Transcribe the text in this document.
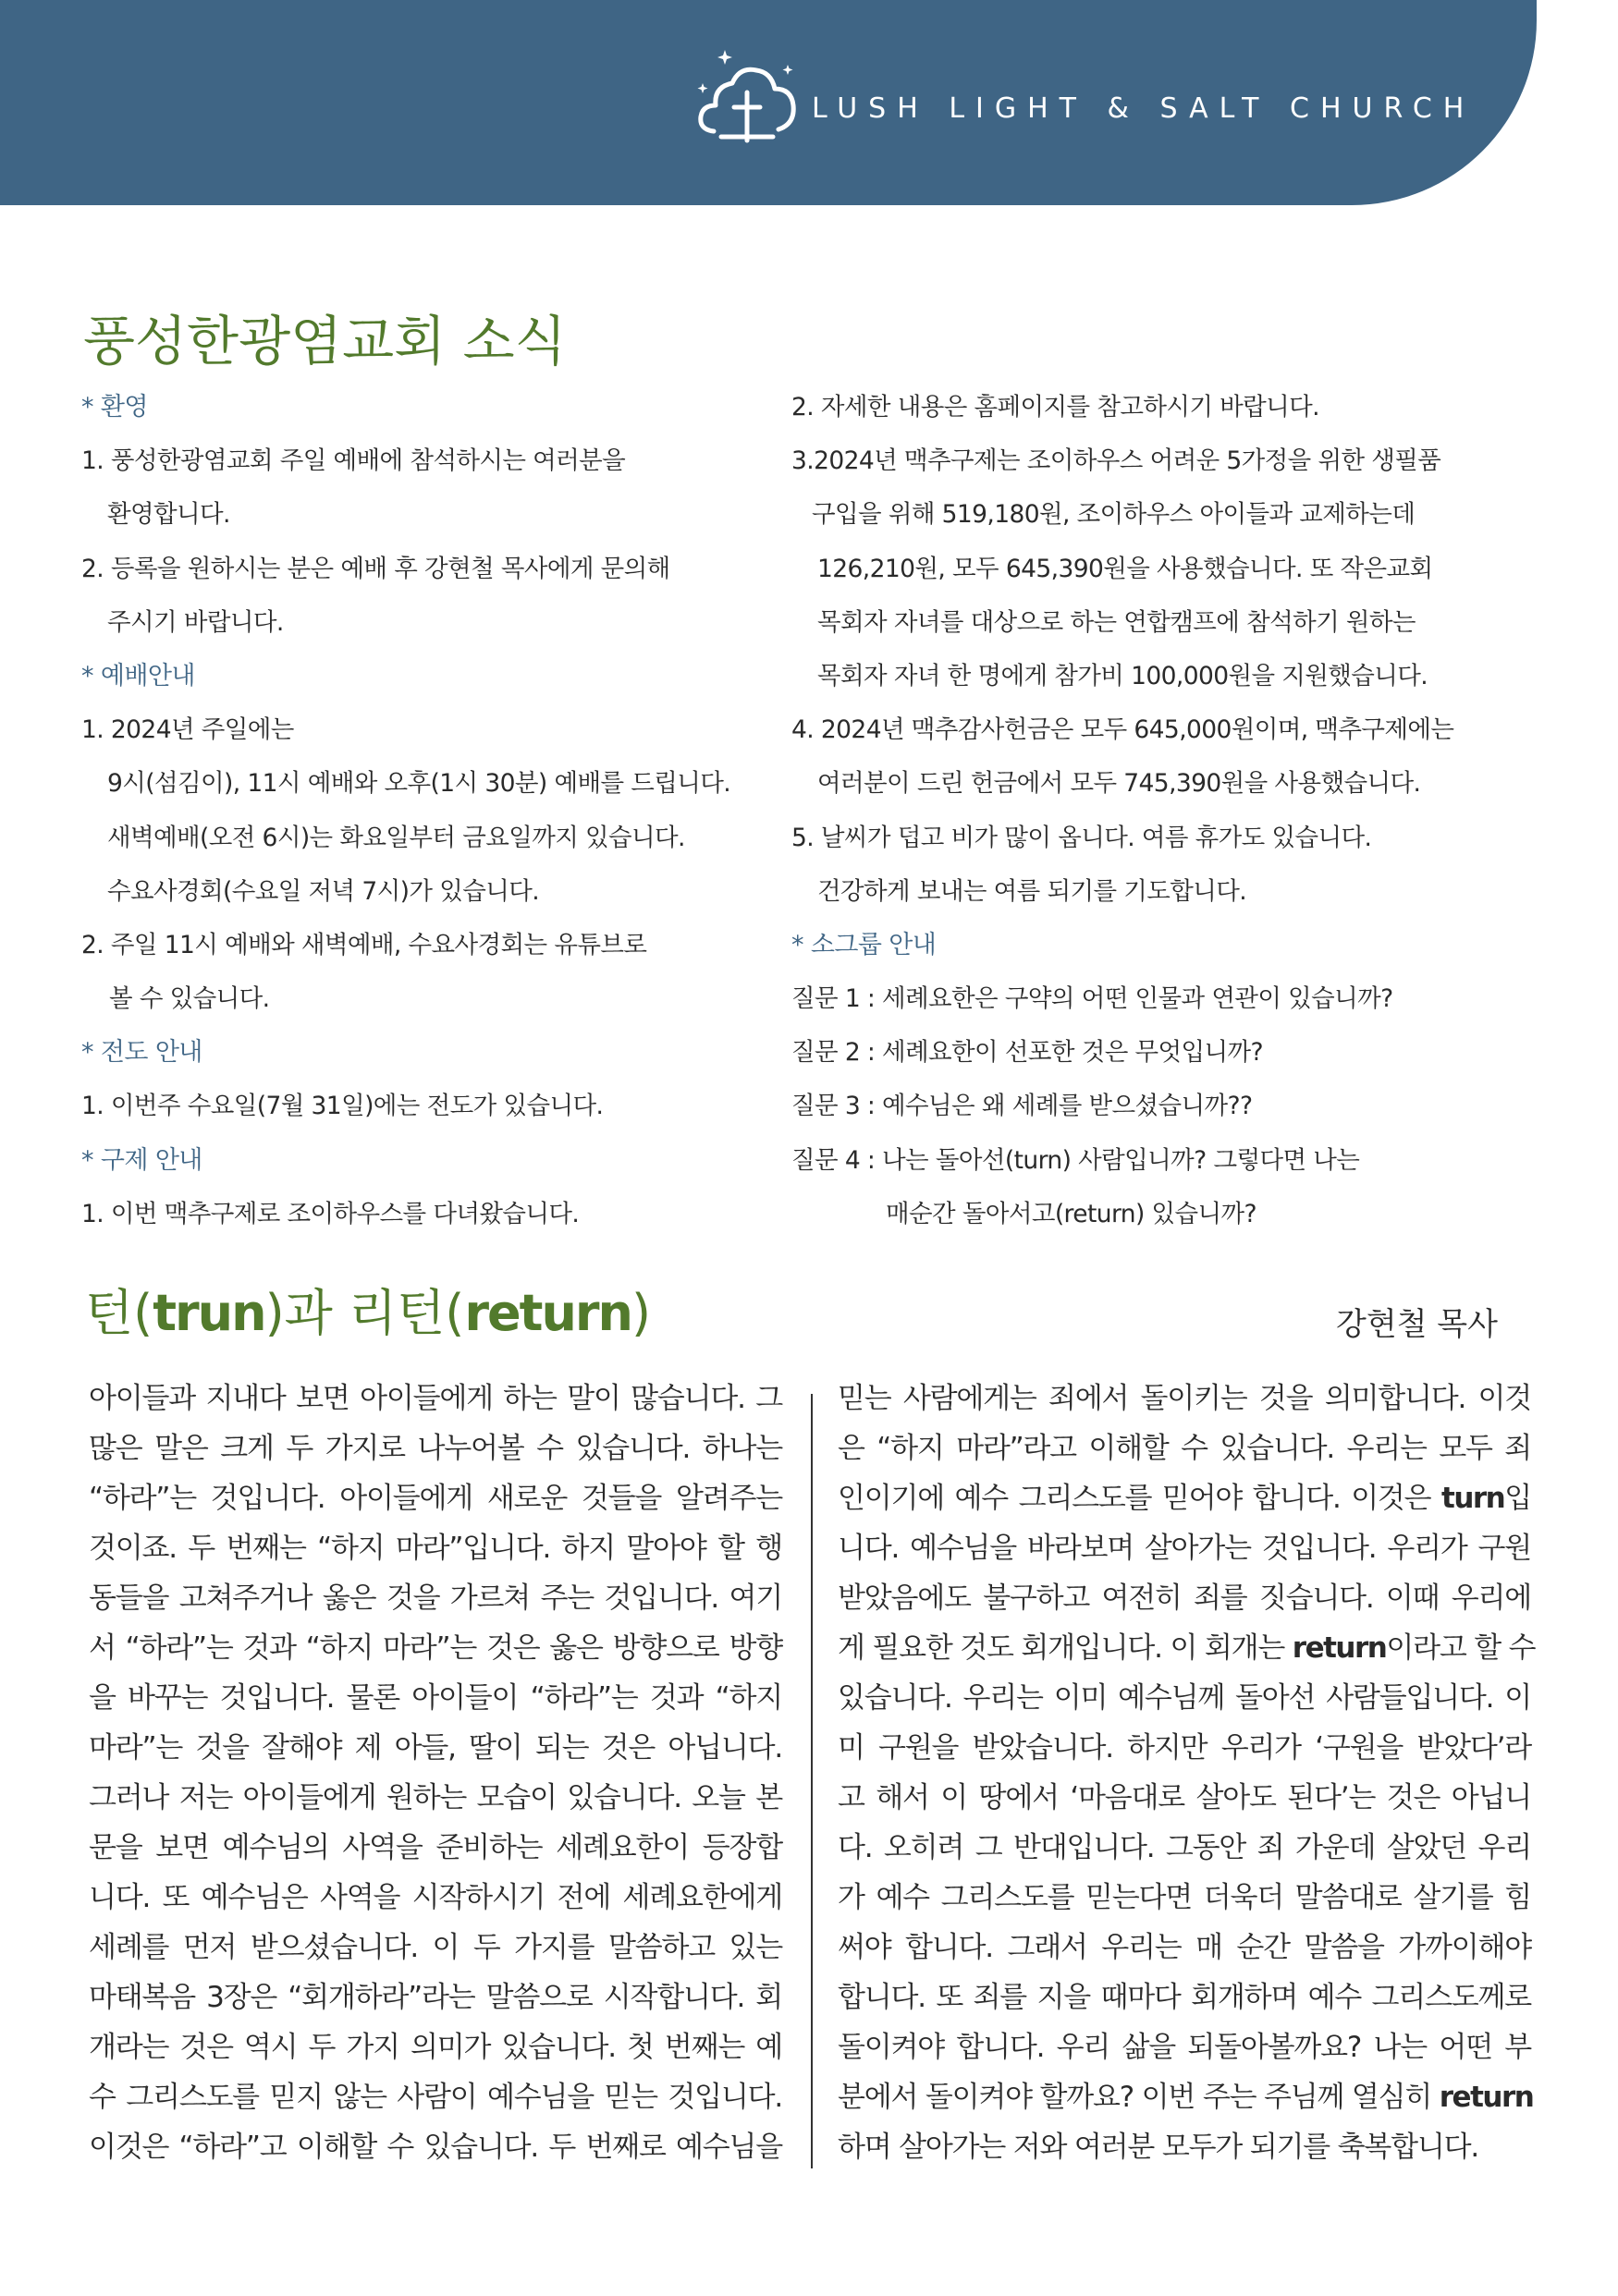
LUSH LIGHT & SALT CHURCH
풍성한광염교회 소식
* 환영
1. 풍성한광염교회 주일 예배에 참석하시는 여러분을
환영합니다.
2. 등록을 원하시는 분은 예배 후 강현철 목사에게 문의해
주시기 바랍니다.
* 예배안내
1. 2024년 주일에는
9시(섬김이), 11시 예배와 오후(1시 30분) 예배를 드립니다.
새벽예배(오전 6시)는 화요일부터 금요일까지 있습니다.
수요사경회(수요일 저녁 7시)가 있습니다.
2. 주일 11시 예배와 새벽예배, 수요사경회는 유튜브로
볼 수 있습니다.
* 전도 안내
1. 이번주 수요일(7월 31일)에는 전도가 있습니다.
* 구제 안내
1. 이번 맥추구제로 조이하우스를 다녀왔습니다.
2. 자세한 내용은 홈페이지를 참고하시기 바랍니다.
3.2024년 맥추구제는 조이하우스 어려운 5가정을 위한 생필품
구입을 위해 519,180원, 조이하우스 아이들과 교제하는데
126,210원, 모두 645,390원을 사용했습니다. 또 작은교회
목회자 자녀를 대상으로 하는 연합캠프에 참석하기 원하는
목회자 자녀 한 명에게 참가비 100,000원을 지원했습니다.
4. 2024년 맥추감사헌금은 모두 645,000원이며, 맥추구제에는
여러분이 드린 헌금에서 모두 745,390원을 사용했습니다.
5. 날씨가 덥고 비가 많이 옵니다. 여름 휴가도 있습니다.
건강하게 보내는 여름 되기를 기도합니다.
* 소그룹 안내
질문 1 : 세례요한은 구약의 어떤 인물과 연관이 있습니까?
질문 2 : 세례요한이 선포한 것은 무엇입니까?
질문 3 : 예수님은 왜 세례를 받으셨습니까??
질문 4 : 나는 돌아선(turn) 사람입니까? 그렇다면 나는
매순간 돌아서고(return) 있습니까?
턴(trun)과 리턴(return)	강현철 목사
아이들과 지내다 보면 아이들에게 하는 말이 많습니다. 그
많은 말은 크게 두 가지로 나누어볼 수 있습니다. 하나는
“하라”는 것입니다. 아이들에게 새로운 것들을 알려주는
것이죠. 두 번째는 “하지 마라”입니다. 하지 말아야 할 행
동들을 고쳐주거나 옳은 것을 가르쳐 주는 것입니다. 여기
서 “하라”는 것과 “하지 마라”는 것은 옳은 방향으로 방향
을 바꾸는 것입니다. 물론 아이들이 “하라”는 것과 “하지
마라”는 것을 잘해야 제 아들, 딸이 되는 것은 아닙니다.
그러나 저는 아이들에게 원하는 모습이 있습니다. 오늘 본
문을 보면 예수님의 사역을 준비하는 세례요한이 등장합
니다. 또 예수님은 사역을 시작하시기 전에 세례요한에게
세례를 먼저 받으셨습니다. 이 두 가지를 말씀하고 있는
마태복음 3장은 “회개하라”라는 말씀으로 시작합니다. 회
개라는 것은 역시 두 가지 의미가 있습니다. 첫 번째는 예
수 그리스도를 믿지 않는 사람이 예수님을 믿는 것입니다.
이것은 “하라”고 이해할 수 있습니다. 두 번째로 예수님을
믿는 사람에게는 죄에서 돌이키는 것을 의미합니다. 이것
은 “하지 마라”라고 이해할 수 있습니다. 우리는 모두 죄
인이기에 예수 그리스도를 믿어야 합니다. 이것은 turn입
니다. 예수님을 바라보며 살아가는 것입니다. 우리가 구원
받았음에도 불구하고 여전히 죄를 짓습니다. 이때 우리에
게 필요한 것도 회개입니다. 이 회개는 return이라고 할 수
있습니다. 우리는 이미 예수님께 돌아선 사람들입니다. 이
미 구원을 받았습니다. 하지만 우리가 ‘구원을 받았다’라
고 해서 이 땅에서 ‘마음대로 살아도 된다’는 것은 아닙니
다. 오히려 그 반대입니다. 그동안 죄 가운데 살았던 우리
가 예수 그리스도를 믿는다면 더욱더 말씀대로 살기를 힘
써야 합니다. 그래서 우리는 매 순간 말씀을 가까이해야
합니다. 또 죄를 지을 때마다 회개하며 예수 그리스도께로
돌이켜야 합니다. 우리 삶을 되돌아볼까요? 나는 어떤 부
분에서 돌이켜야 할까요? 이번 주는 주님께 열심히 return
하며 살아가는 저와 여러분 모두가 되기를 축복합니다.
